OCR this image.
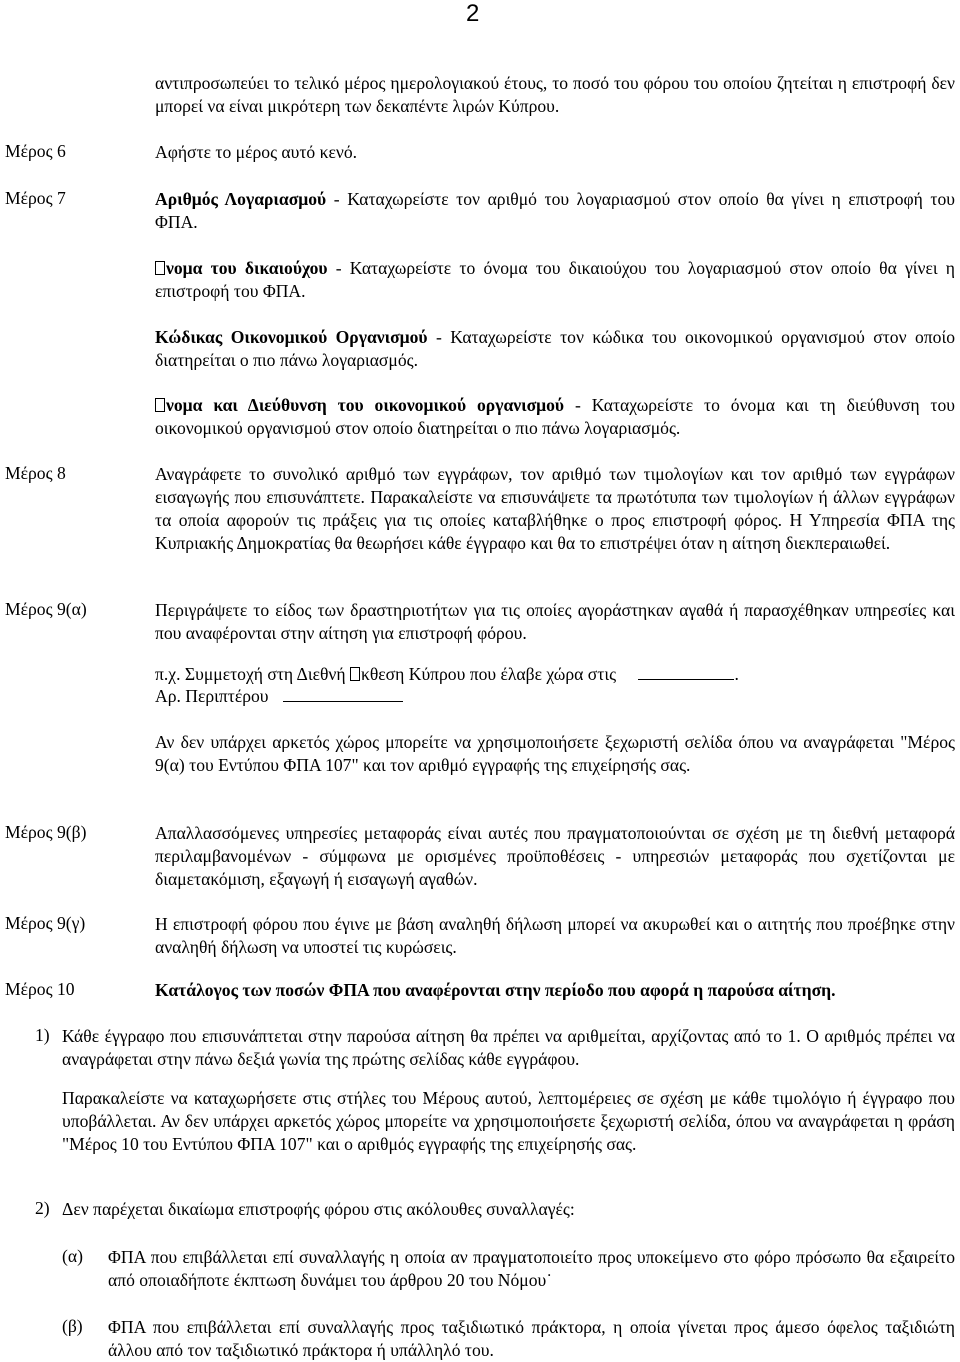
2
αντιπροσωπεύει το τελικό μέρος ημερολογιακού έτους, το ποσό του φόρου του οποίου ζητείται η επιστροφή δεν μπορεί να είναι μικρότερη των δεκαπέντε λιρών Κύπρου.
Μέρος 6	Αφήστε το μέρος αυτό κενό.
Μέρος 7	Αριθμός Λογαριασμού - Καταχωρείστε τον αριθμό του λογαριασμού στον οποίο θα γίνει η επιστροφή του ΦΠΑ.
νομα του δικαιούχου - Καταχωρείστε το όνομα του δικαιούχου του λογαριασμού στον οποίο θα γίνει η επιστροφή του ΦΠΑ.
Κώδικας Οικονομικού Οργανισμού - Καταχωρείστε τον κώδικα του οικονομικού οργανισμού στον οποίο διατηρείται ο πιο πάνω λογαριασμός.
νομα και Διεύθυνση του οικονομικού οργανισμού - Καταχωρείστε το όνομα και τη διεύθυνση του οικονομικού οργανισμού στον οποίο διατηρείται ο πιο πάνω λογαριασμός.
Μέρος 8	Αναγράφετε το συνολικό αριθμό των εγγράφων, τον αριθμό των τιμολογίων και τον αριθμό των εγγράφων εισαγωγής που επισυνάπτετε. Παρακαλείστε να επισυνάψετε τα πρωτότυπα των τιμολογίων ή άλλων εγγράφων τα οποία αφορούν τις πράξεις για τις οποίες καταβλήθηκε ο προς επιστροφή φόρος. Η Υπηρεσία ΦΠΑ της Κυπριακής Δημοκρατίας θα θεωρήσει κάθε έγγραφο και θα το επιστρέψει όταν η αίτηση διεκπεραιωθεί.
Μέρος 9(α)	Περιγράψετε το είδος των δραστηριοτήτων για τις οποίες αγοράστηκαν αγαθά ή παρασχέθηκαν υπηρεσίες και που αναφέρονται στην αίτηση για επιστροφή φόρου.
π.χ. Συμμετοχή στη Διεθνή κθεση Κύπρου που έλαβε χώρα στις	.
Αρ. Περιπτέρου
Αν δεν υπάρχει αρκετός χώρος μπορείτε να χρησιμοποιήσετε ξεχωριστή σελίδα όπου να αναγράφεται "Μέρος 9(α) του Εντύπου ΦΠΑ 107" και τον αριθμό εγγραφής της επιχείρησής σας.
Μέρος 9(β)	Απαλλασσόμενες υπηρεσίες μεταφοράς είναι αυτές που πραγματοποιούνται σε σχέση με τη διεθνή μεταφορά περιλαμβανομένων - σύμφωνα με ορισμένες προϋποθέσεις - υπηρεσιών μεταφοράς που σχετίζονται με διαμετακόμιση, εξαγωγή ή εισαγωγή αγαθών.
Μέρος 9(γ)	Η επιστροφή φόρου που έγινε με βάση αναληθή δήλωση μπορεί να ακυρωθεί και ο αιτητής που προέβηκε στην αναληθή δήλωση να υποστεί τις κυρώσεις.
Μέρος 10	Κατάλογος των ποσών ΦΠΑ που αναφέρονται στην περίοδο που αφορά η παρούσα αίτηση.
1) Κάθε έγγραφο που επισυνάπτεται στην παρούσα αίτηση θα πρέπει να αριθμείται, αρχίζοντας από το 1. Ο αριθμός πρέπει να αναγράφεται στην πάνω δεξιά γωνία της πρώτης σελίδας κάθε εγγράφου.
Παρακαλείστε να καταχωρήσετε στις στήλες του Μέρους αυτού, λεπτομέρειες σε σχέση με κάθε τιμολόγιο ή έγγραφο που υποβάλλεται. Αν δεν υπάρχει αρκετός χώρος μπορείτε να χρησιμοποιήσετε ξεχωριστή σελίδα, όπου να αναγράφεται η φράση "Μέρος 10 του Εντύπου ΦΠΑ 107" και ο αριθμός εγγραφής της επιχείρησής σας.
2) Δεν παρέχεται δικαίωμα επιστροφής φόρου στις ακόλουθες συναλλαγές:
(α) ΦΠΑ που επιβάλλεται επί συναλλαγής η οποία αν πραγματοποιείτο προς υποκείμενο στο φόρο πρόσωπο θα εξαιρείτο από οποιαδήποτε έκπτωση δυνάμει του άρθρου 20 του Νόμου˙
(β) ΦΠΑ που επιβάλλεται επί συναλλαγής προς ταξιδιωτικό πράκτορα, η οποία γίνεται προς άμεσο όφελος ταξιδιώτη άλλου από τον ταξιδιωτικό πράκτορα ή υπάλληλό του.
